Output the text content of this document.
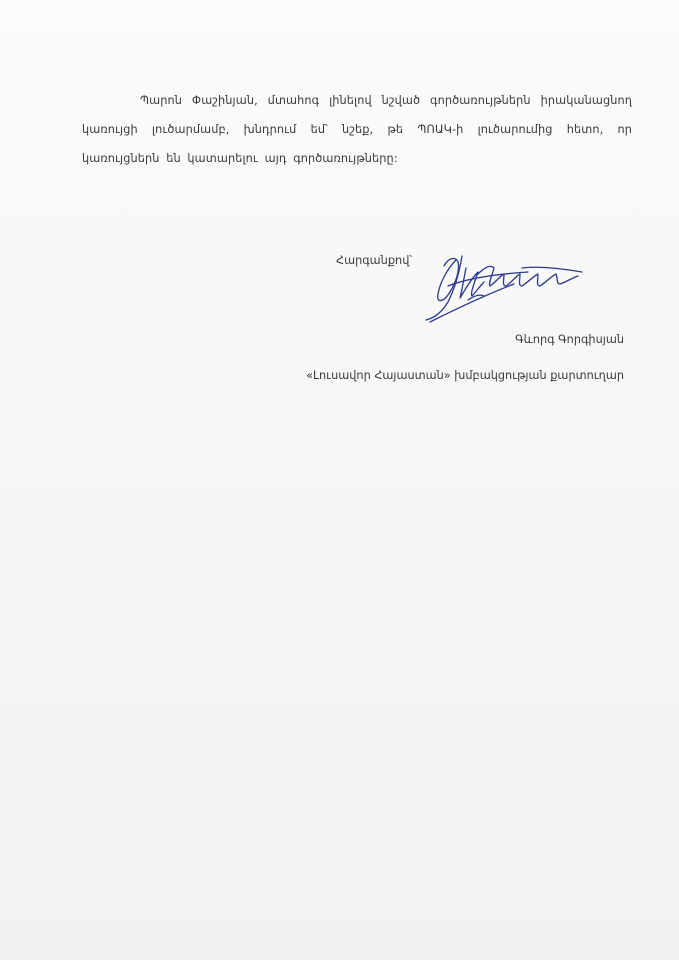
Պարոն Փաշինյան, մտահոգ լինելով նշված գործառույթներն իրականացնող կառույցի լուծարմամբ, խնդրում եմ՝ նշեք, թե ՊՈԱԿ-ի լուծարումից հետո, որ կառույցներն են կատարելու այդ գործառույթները:

Հարգանքով՝
Գևորգ Գորգիսյան
«Լուսավոր Հայաստան» խմբակցության քարտուղար
